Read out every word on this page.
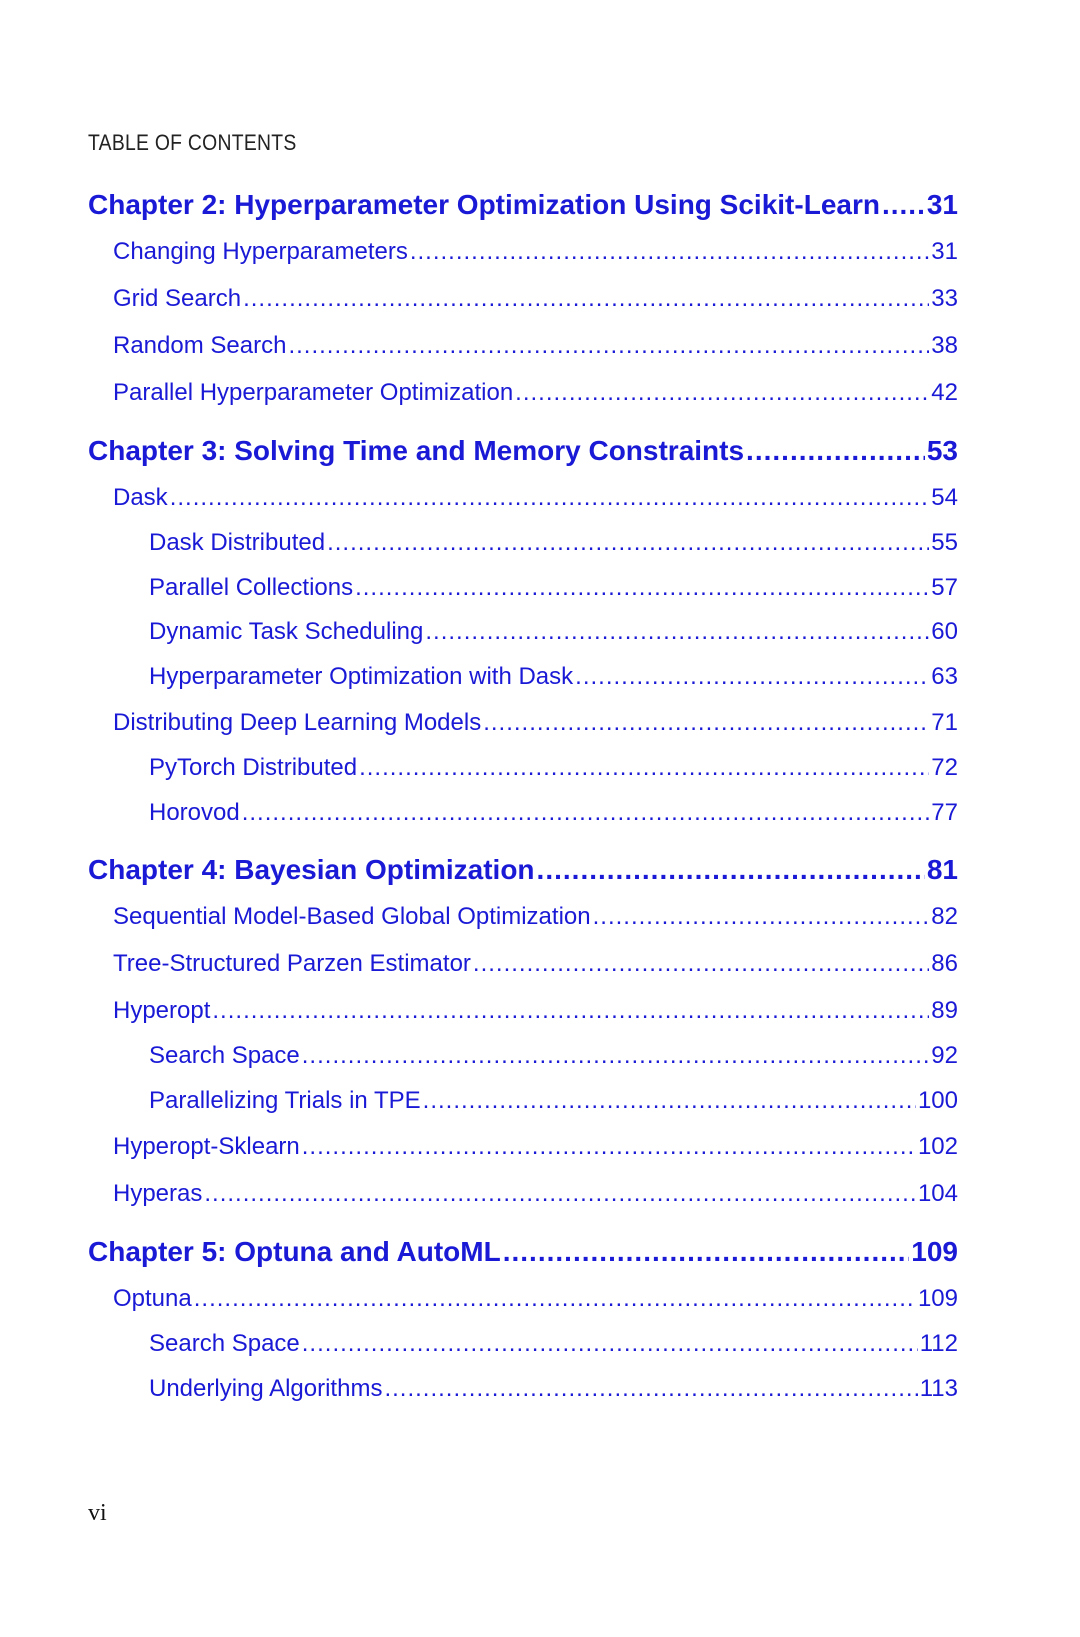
TABLE OF CONTENTS
Chapter 2: Hyperparameter Optimization Using Scikit-Learn ..... 31
Changing Hyperparameters .....	31
Grid Search .....	33
Random Search .....	38
Parallel Hyperparameter Optimization .....	42
Chapter 3: Solving Time and Memory Constraints .....	53
Dask .....	54
Dask Distributed .....	55
Parallel Collections .....	57
Dynamic Task Scheduling .....	60
Hyperparameter Optimization with Dask .....	63
Distributing Deep Learning Models .....	71
PyTorch Distributed .....	72
Horovod .....	77
Chapter 4: Bayesian Optimization .....	81
Sequential Model-Based Global Optimization .....	82
Tree-Structured Parzen Estimator .....	86
Hyperopt .....	89
Search Space .....	92
Parallelizing Trials in TPE .....	100
Hyperopt-Sklearn .....	102
Hyperas .....	104
Chapter 5: Optuna and AutoML .....	109
Optuna .....	109
Search Space .....	112
Underlying Algorithms .....	113
vi
